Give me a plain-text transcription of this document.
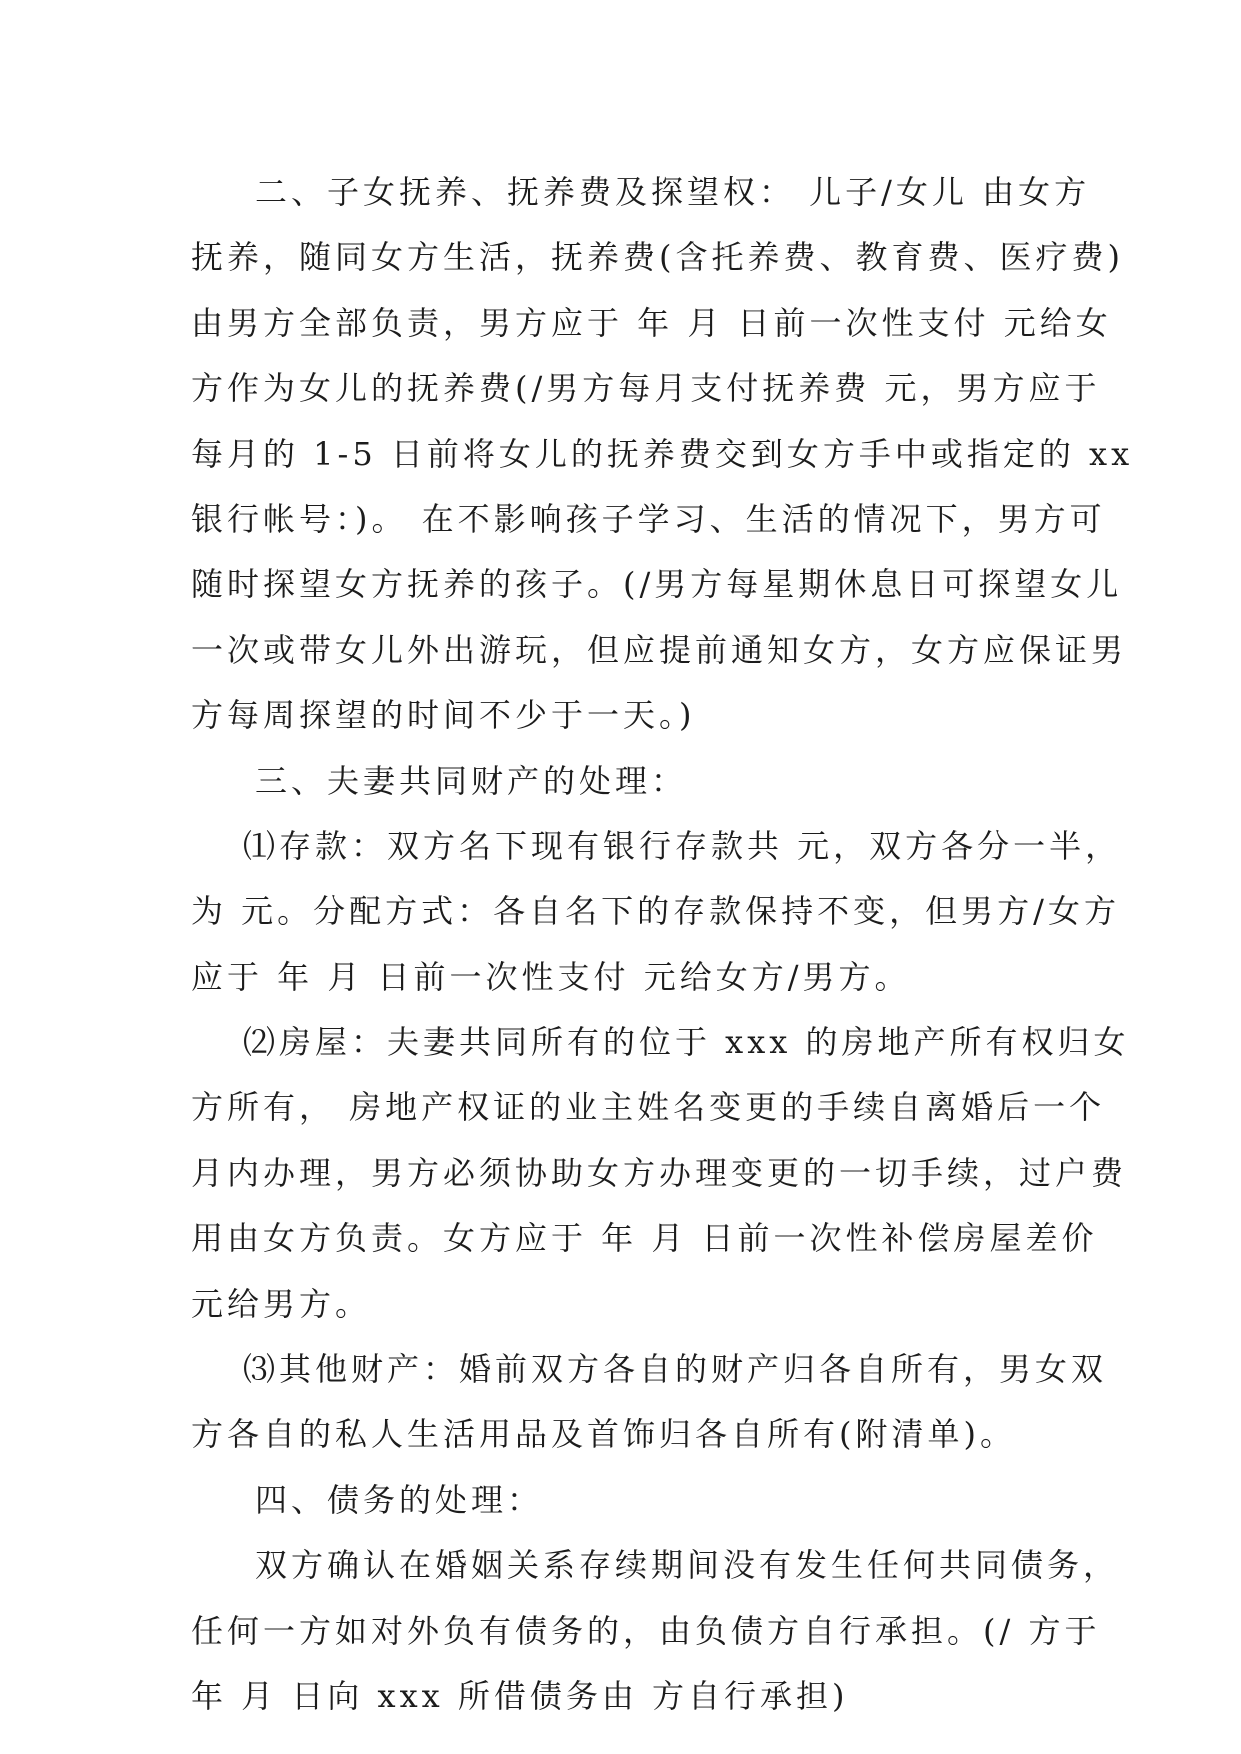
二、子女抚养、抚养费及探望权： 儿子/女儿 由女方
抚养，随同女方生活，抚养费(含托养费、教育费、医疗费)
由男方全部负责，男方应于 年 月 日前一次性支付 元给女
方作为女儿的抚养费(/男方每月支付抚养费 元，男方应于
每月的 1-5 日前将女儿的抚养费交到女方手中或指定的 xx
银行帐号：)。 在不影响孩子学习、生活的情况下，男方可
随时探望女方抚养的孩子。(/男方每星期休息日可探望女儿
一次或带女儿外出游玩，但应提前通知女方，女方应保证男
方每周探望的时间不少于一天。)
三、夫妻共同财产的处理：
⑴存款：双方名下现有银行存款共 元，双方各分一半，
为 元。分配方式：各自名下的存款保持不变，但男方/女方
应于 年 月 日前一次性支付 元给女方/男方。
⑵房屋：夫妻共同所有的位于 xxx 的房地产所有权归女
方所有， 房地产权证的业主姓名变更的手续自离婚后一个
月内办理，男方必须协助女方办理变更的一切手续，过户费
用由女方负责。女方应于 年 月 日前一次性补偿房屋差价
元给男方。
⑶其他财产：婚前双方各自的财产归各自所有，男女双
方各自的私人生活用品及首饰归各自所有(附清单)。
四、债务的处理：
双方确认在婚姻关系存续期间没有发生任何共同债务，
任何一方如对外负有债务的，由负债方自行承担。(/ 方于
年 月 日向 xxx 所借债务由 方自行承担)
